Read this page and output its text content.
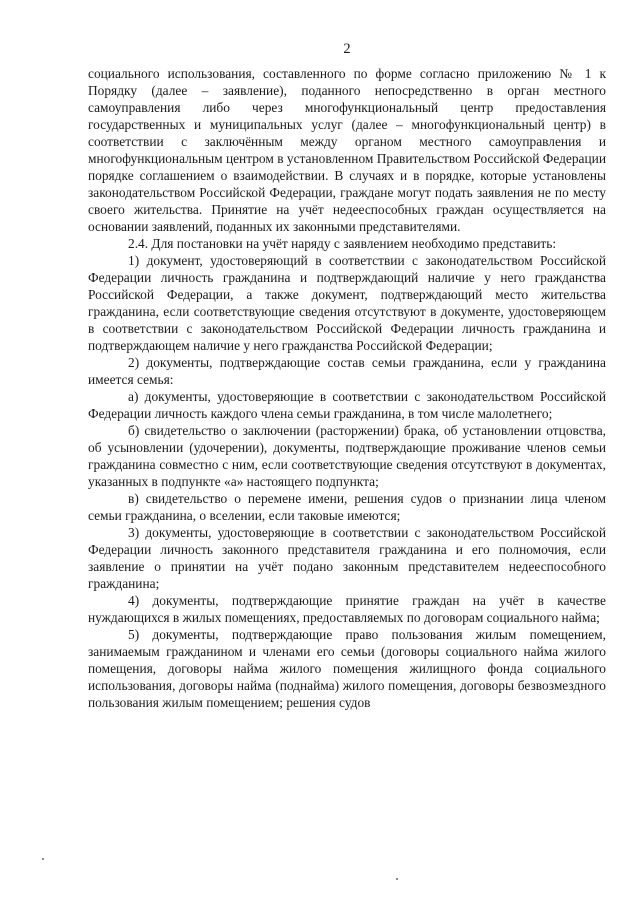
2

социального использования, составленного по форме согласно приложению № 1 к Порядку (далее – заявление), поданного непосредственно в орган местного самоуправления либо через многофункциональный центр предоставления государственных и муниципальных услуг (далее – многофункциональный центр) в соответствии с заключённым между органом местного самоуправления и многофункциональным центром в установленном Правительством Российской Федерации порядке соглашением о взаимодействии. В случаях и в порядке, которые установлены законодательством Российской Федерации, граждане могут подать заявления не по месту своего жительства. Принятие на учёт недееспособных граждан осуществляется на основании заявлений, поданных их законными представителями.

2.4. Для постановки на учёт наряду с заявлением необходимо представить:

1) документ, удостоверяющий в соответствии с законодательством Российской Федерации личность гражданина и подтверждающий наличие у него гражданства Российской Федерации, а также документ, подтверждающий место жительства гражданина, если соответствующие сведения отсутствуют в документе, удостоверяющем в соответствии с законодательством Российской Федерации личность гражданина и подтверждающем наличие у него гражданства Российской Федерации;

2) документы, подтверждающие состав семьи гражданина, если у гражданина имеется семья:

а) документы, удостоверяющие в соответствии с законодательством Российской Федерации личность каждого члена семьи гражданина, в том числе малолетнего;

б) свидетельство о заключении (расторжении) брака, об установлении отцовства, об усыновлении (удочерении), документы, подтверждающие проживание членов семьи гражданина совместно с ним, если соответствующие сведения отсутствуют в документах, указанных в подпункте «а» настоящего подпункта;

в) свидетельство о перемене имени, решения судов о признании лица членом семьи гражданина, о вселении, если таковые имеются;

3) документы, удостоверяющие в соответствии с законодательством Российской Федерации личность законного представителя гражданина и его полномочия, если заявление о принятии на учёт подано законным представителем недееспособного гражданина;

4) документы, подтверждающие принятие граждан на учёт в качестве нуждающихся в жилых помещениях, предоставляемых по договорам социального найма;

5) документы, подтверждающие право пользования жилым помещением, занимаемым гражданином и членами его семьи (договоры социального найма жилого помещения, договоры найма жилого помещения жилищного фонда социального использования, договоры найма (поднайма) жилого помещения, договоры безвозмездного пользования жилым помещением; решения судов
